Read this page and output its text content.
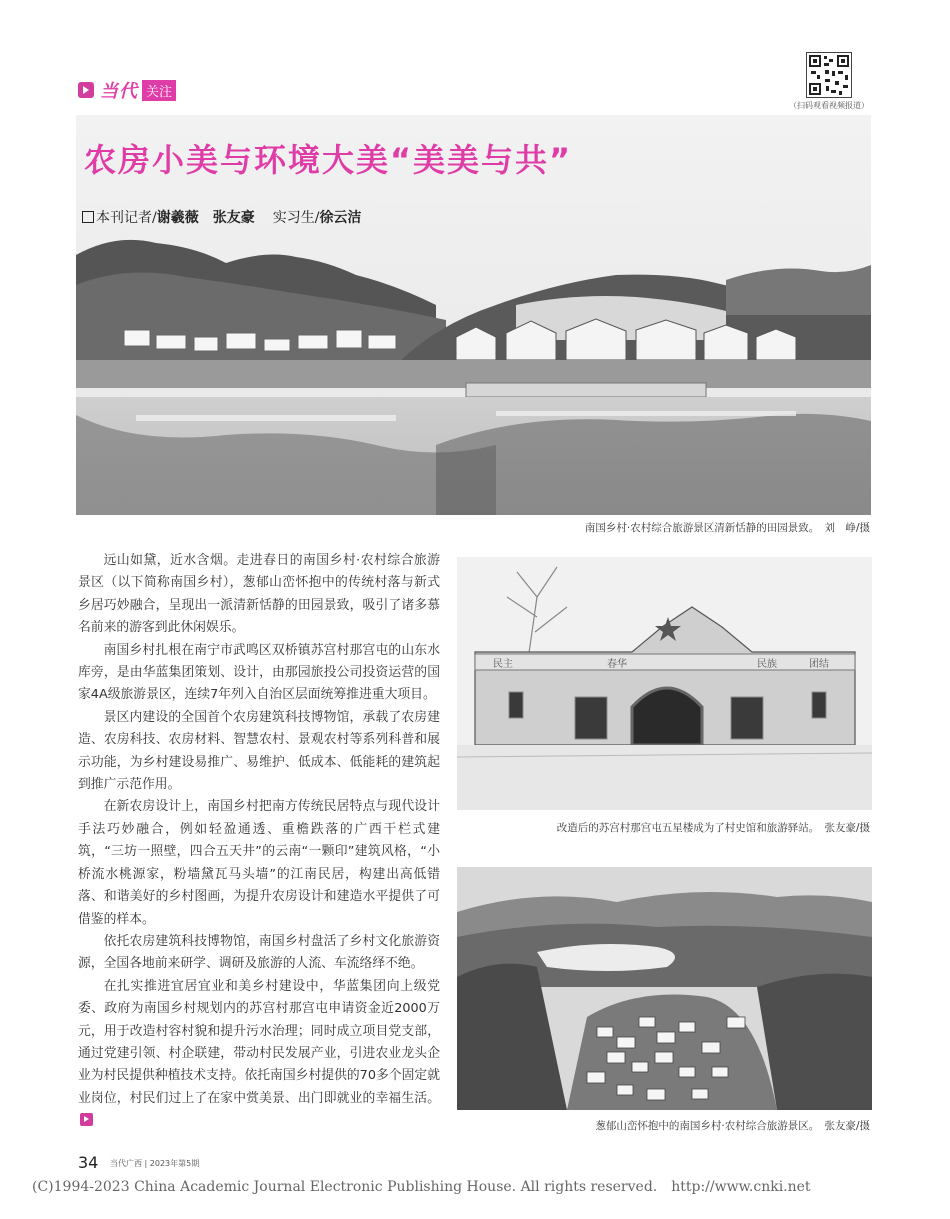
当代 关注
（扫码观看视频报道）
农房小美与环境大美“美美与共”
本刊记者/谢羲薇　张友豪 实习生/徐云洁
南国乡村·农村综合旅游景区清新恬静的田园景致。　刘　峥/摄

远山如黛，近水含烟。走进春日的南国乡村·农村综合旅游景区（以下简称南国乡村），葱郁山峦怀抱中的传统村落与新式乡居巧妙融合，呈现出一派清新恬静的田园景致，吸引了诸多慕名前来的游客到此休闲娱乐。

南国乡村扎根在南宁市武鸣区双桥镇苏宫村那宫屯的山东水库旁，是由华蓝集团策划、设计，由那园旅投公司投资运营的国家4A级旅游景区，连续7年列入自治区层面统筹推进重大项目。

景区内建设的全国首个农房建筑科技博物馆，承载了农房建造、农房科技、农房材料、智慧农村、景观农村等系列科普和展示功能，为乡村建设易推广、易维护、低成本、低能耗的建筑起到推广示范作用。

在新农房设计上，南国乡村把南方传统民居特点与现代设计手法巧妙融合，例如轻盈通透、重檐跌落的广西干栏式建筑，“三坊一照壁，四合五天井”的云南“一颗印”建筑风格，“小桥流水桃源家，粉墙黛瓦马头墙”的江南民居，构建出高低错落、和谐美好的乡村图画，为提升农房设计和建造水平提供了可借鉴的样本。

依托农房建筑科技博物馆，南国乡村盘活了乡村文化旅游资源，全国各地前来研学、调研及旅游的人流、车流络绎不绝。

在扎实推进宜居宜业和美乡村建设中，华蓝集团向上级党委、政府为南国乡村规划内的苏宫村那宫屯申请资金近2000万元，用于改造村容村貌和提升污水治理；同时成立项目党支部，通过党建引领、村企联建，带动村民发展产业，引进农业龙头企业为村民提供种植技术支持。依托南国乡村提供的70多个固定就业岗位，村民们过上了在家中赏美景、出门即就业的幸福生活。

民主	春华	民族	团结
改造后的苏宫村那宫屯五星楼成为了村史馆和旅游驿站。　张友豪/摄
葱郁山峦怀抱中的南国乡村·农村综合旅游景区。　张友豪/摄
34 当代广西 | 2023年第5期
(C)1994-2023 China Academic Journal Electronic Publishing House. All rights reserved.　http://www.cnki.net
